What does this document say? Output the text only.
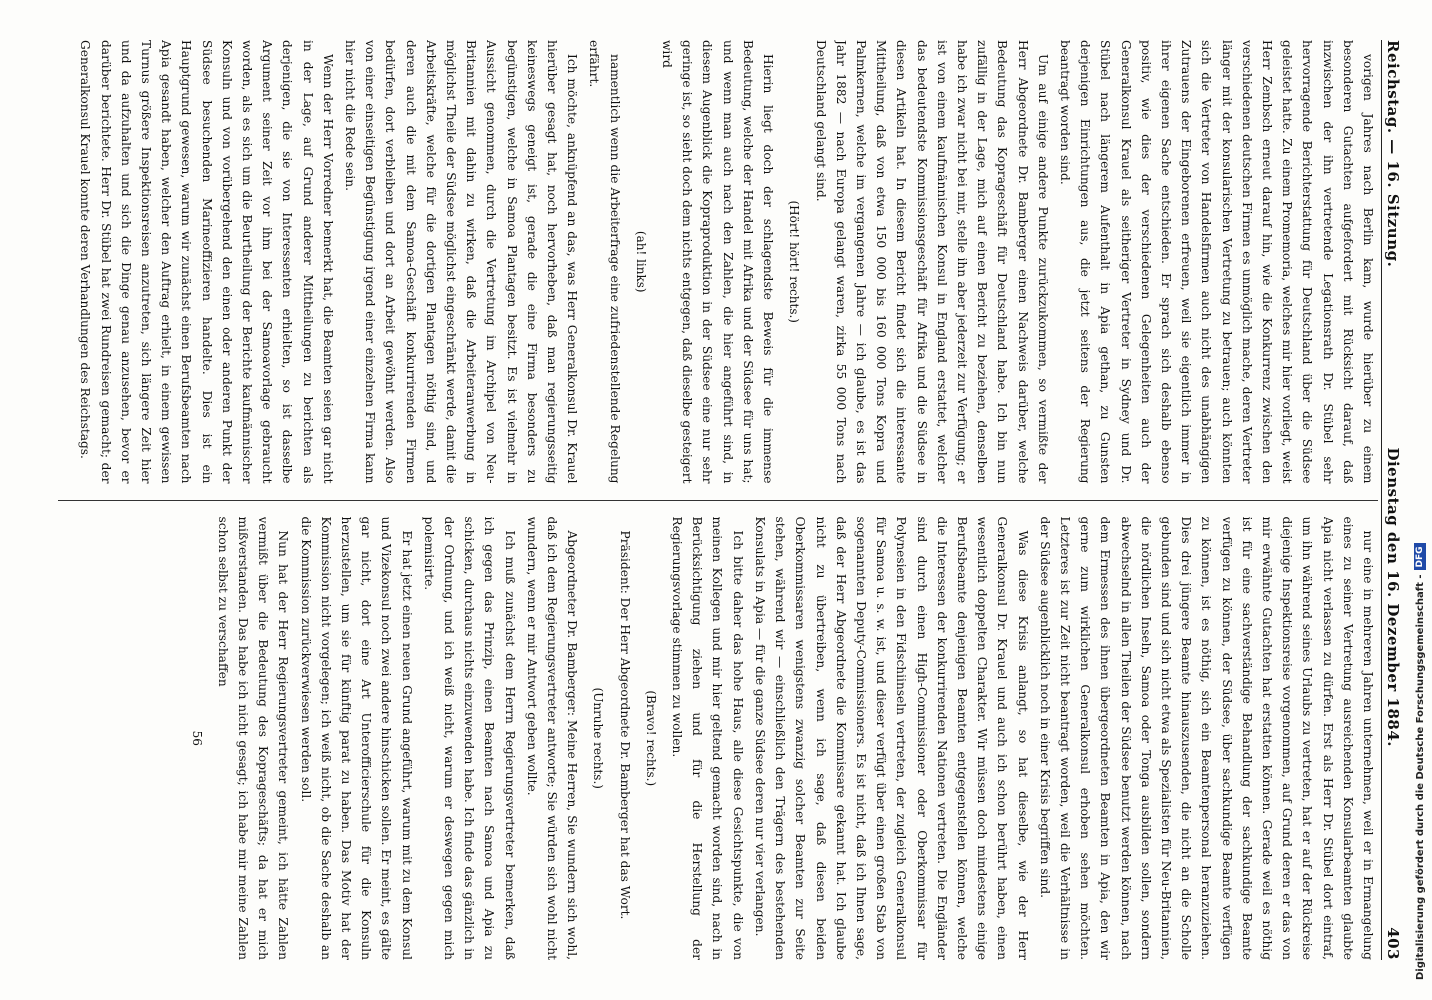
Reichstag. — 16. Sitzung.
Dienstag den 16. Dezember 1884.
403

vorigen Jahres nach Berlin kam, wurde hierüber zu einem besonderen Gutachten aufgefordert mit Rücksicht darauf, daß inzwischen der ihn vertretende Legationsrath Dr. Stübel sehr hervorragende Berichterstattung für Deutschland über die Südsee geleistet hatte. Zu einem Promemoria, welches mir hier vorliegt, weist Herr Zembsch erneut darauf hin, wie die Konkurrenz zwischen den verschiedenen deutschen Firmen es unmöglich mache, deren Vertreter länger mit der konsularischen Vertretung zu betrauen; auch könnten sich die Vertreter von Handelsfirmen auch nicht des unabhängigen Zutrauens der Eingeborenen erfreuen, weil sie eigentlich immer in ihrer eigenen Sache entschieden. Er sprach sich deshalb ebenso positiv, wie dies der verschiedenen Gelegenheiten auch der Generalkonsul Krauel als seitheriger Vertreter in Sydney und Dr. Stübel nach längerem Aufenthalt in Apia gethan, zu Gunsten derjenigen Einrichtungen aus, die jetzt seitens der Regierung beantragt worden sind.

Um auf einige andere Punkte zurückzukommen, so vermißte der Herr Abgeordnete Dr. Bamberger einen Nachweis darüber, welche Bedeutung das Koprageschäft für Deutschland habe. Ich bin nun zufällig in der Lage, mich auf einen Bericht zu beziehen, denselben habe ich zwar nicht bei mir, stelle ihn aber jederzeit zur Verfügung; er ist von einem kaufmännischen Konsul in England erstattet, welcher das bedeutendste Kommissionsgeschäft für Afrika und die Südsee in diesen Artikeln hat. In diesem Bericht findet sich die interessante Mittheilung, daß von etwa 150 000 bis 160 000 Tons Kopra und Palmkernen, welche im vergangenen Jahre — ich glaube, es ist das Jahr 1882 — nach Europa gelangt waren, zirka 55 000 Tons nach Deutschland gelangt sind.

(Hört! hört! rechts.)

Hierin liegt doch der schlagendste Beweis für die immense Bedeutung, welche der Handel mit Afrika und der Südsee für uns hat; und wenn man auch nach den Zahlen, die hier angeführt sind, in diesem Augenblick die Kopraproduktion in der Südsee eine nur sehr geringe ist, so sieht doch dem nichts entgegen, daß dieselbe gesteigert wird

(ah! links)

namentlich wenn die Arbeiterfrage eine zufriedenstellende Regelung erfährt.

Ich möchte, anknüpfend an das, was Herr Generalkonsul Dr. Krauel hierüber gesagt hat, noch hervorheben, daß man regierungsseitig keineswegs geneigt ist, gerade die eine Firma besonders zu begünstigen, welche in Samoa Plantagen besitzt. Es ist vielmehr in Aussicht genommen, durch die Vertretung im Archipel von Neu-Britannien mit dahin zu wirken, daß die Arbeiteranwerbung in möglichst Theile der Südsee möglichst eingeschränkt werde, damit die Arbeitskräfte, welche für die dortigen Plantagen nöthig sind, und deren auch die mit dem Samoa-Geschäft konkurrirenden Firmen bedürfen, dort verbleiben und dort an Arbeit gewöhnt werden. Also von einer einseitigen Begünstigung irgend einer einzelnen Firma kann hier nicht die Rede sein.

Wenn der Herr Vorredner bemerkt hat, die Beamten seien gar nicht in der Lage, auf Grund anderer Mittheilungen zu berichten als derjenigen, die sie von Interessenten erhielten, so ist dasselbe Argument seiner Zeit vor ihm bei der Samoavorlage gebraucht worden, als es sich um die Beurtheilung der Berichte kaufmännischer Konsuln und von vorübergehend den einen oder anderen Punkt der Südsee besuchenden Marineoffizieren handelte. Dies ist ein Hauptgrund gewesen, warum wir zunächst einen Berufsbeamten nach Apia gesandt haben, welcher den Auftrag erhielt, in einem gewissen Turnus größere Inspektionsreisen anzutreten, sich längere Zeit hier und da aufzuhalten und sich die Dinge genau anzusehen, bevor er darüber berichtete. Herr Dr. Stübel hat zwei Rundreisen gemacht; der Generalkonsul Krauel konnte deren Verhandlungen des Reichstags.

nur eine in mehreren Jahren unternehmen, weil er in Ermangelung eines zu seiner Vertretung ausreichenden Konsularbeamten glaubte Apia nicht verlassen zu dürfen. Erst als Herr Dr. Stübel dort eintraf, um ihn während seines Urlaubs zu vertreten, hat er auf der Rückreise diejenige Inspektionsreise vorgenommen, auf Grund deren er das von mir erwähnte Gutachten hat erstatten können. Gerade weil es nöthig ist für eine sachverständige Behandlung der sachkundige Beamte verfügen zu können, der Südsee, über sachkundige Beamte verfügen zu können, ist es nöthig, sich ein Beamtenpersonal heranzuziehen. Dies drei jüngere Beamte hinauszusenden, die nicht an die Scholle gebunden sind und sich nicht etwa als Spezialisten für Neu-Britannien, die nördlichen Inseln, Samoa oder Tonga ausbilden sollen, sondern abwechselnd in allen Theilen der Südsee benutzt werden können, nach dem Ermessen des ihnen übergeordneten Beamten in Apia, den wir gerne zum wirklichen Generalkonsul erhoben sehen möchten. Letzteres ist zur Zeit nicht beantragt worden, weil die Verhältnisse in der Südsee augenblicklich noch in einer Krisis begriffen sind.

Was diese Krisis anlangt, so hat dieselbe, wie der Herr Generalkonsul Dr. Krauel und auch ich schon berührt haben, einen wesentlich doppelten Charakter. Wir müssen doch mindestens einige Berufsbeamte denjenigen Beamten entgegenstellen können, welche die Interessen der konkurrirenden Nationen vertreten. Die Engländer sind durch einen High-Commissioner oder Oberkommissar für Polynesien in den Fidschiinseln vertreten, der zugleich Generalkonsul für Samoa u. s. w. ist, und dieser verfügt über einen großen Stab von sogenannten Deputy-Commissioners. Es ist nicht, daß ich Ihnen sage, daß der Herr Abgeordnete die Kommissare gekannt hat. Ich glaube nicht zu übertreiben, wenn ich sage, daß diesen beiden Oberkommissaren wenigstens zwanzig solcher Beamten zur Seite stehen, während wir — einschließlich den Trägern des bestehenden Konsulats in Apia — für die ganze Südsee deren nur vier verlangen.

Ich bitte daher das hohe Haus, alle diese Gesichtspunkte, die von meinen Kollegen und mir hier geltend gemacht worden sind, nach in Berücksichtigung ziehen und für die Herstellung der Regierungsvorlage stimmen zu wollen.

(Bravo! rechts.)

Präsident: Der Herr Abgeordnete Dr. Bamberger hat das Wort.

(Unruhe rechts.)

Abgeordneter Dr. Bamberger: Meine Herren, Sie wundern sich wohl, daß ich dem Regierungsvertreter antworte; Sie würden sich wohl nicht wundern, wenn er mir Antwort geben wollte.

Ich muß zunächst dem Herrn Regierungsvertreter bemerken, daß ich gegen das Prinzip, einen Beamten nach Samoa und Apia zu schicken, durchaus nichts einzuwenden habe. Ich finde das gänzlich in der Ordnung, und ich weiß nicht, warum er deswegen gegen mich polemisirte.

Er hat jetzt einen neuen Grund angeführt, warum mit zu dem Konsul und Vizekonsul noch zwei andere hinschicken sollen. Er meint, es gälte gar nicht, dort eine Art Unterofficierschule für die Konsuln herzustellen, um sie für künftig parat zu haben. Das Motiv hat der Kommission nicht vorgelegen; ich weiß nicht, ob die Sache deshalb an die Kommission zurückverwiesen werden soll.

Nun hat der Herr Regierungsvertreter gemeint, ich hätte Zahlen vermißt über die Bedeutung des Koprageschäfts; da hat er mich mißverstanden. Das habe ich nicht gesagt; ich habe mir meine Zahlen schon selbst zu verschaffen

56	Digitalisierung gefördert durch die Deutsche Forschungsgemeinschaft -
DFG
